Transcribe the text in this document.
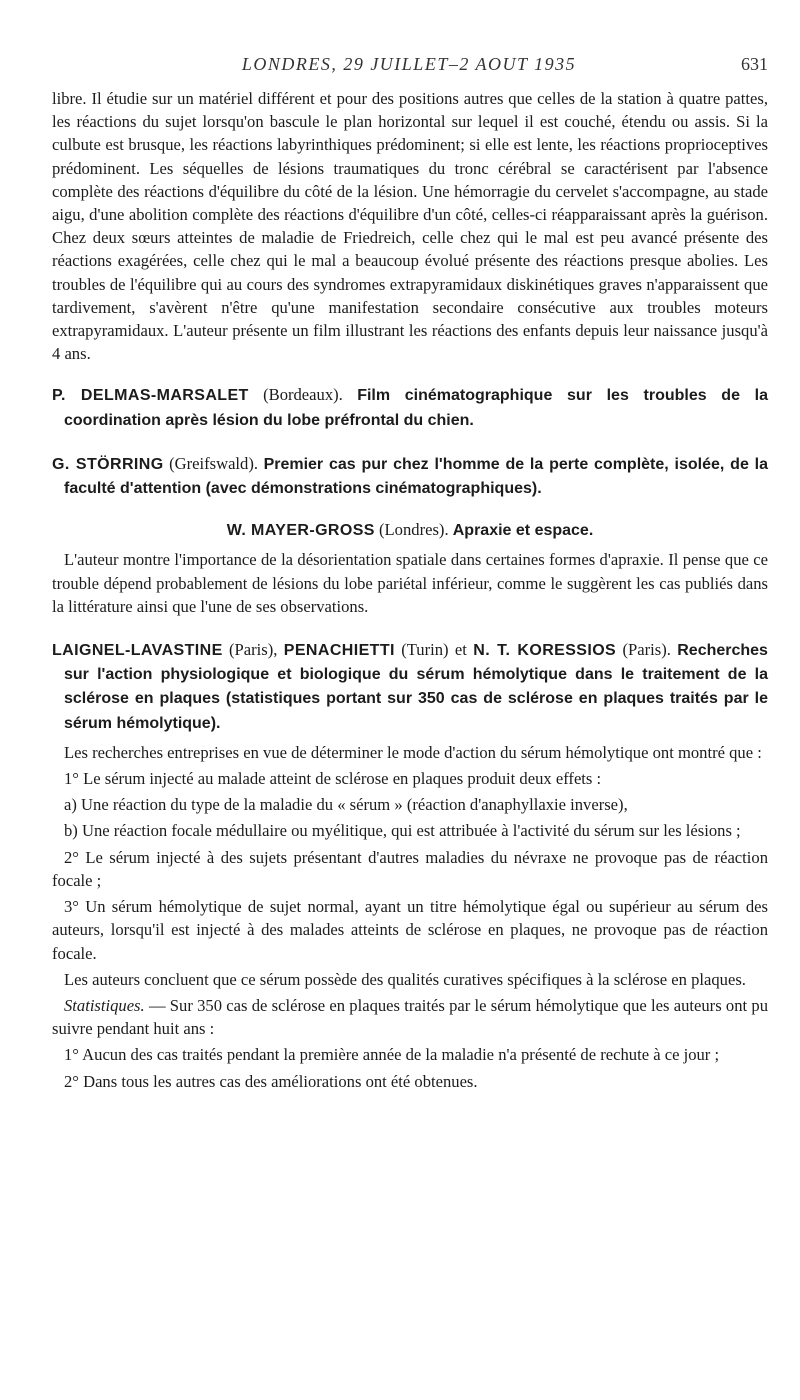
LONDRES, 29 JUILLET–2 AOUT 1935	631

libre. Il étudie sur un matériel différent et pour des positions autres que celles de la station à quatre pattes, les réactions du sujet lorsqu'on bascule le plan horizontal sur lequel il est couché, étendu ou assis. Si la culbute est brusque, les réactions labyrinthiques prédominent; si elle est lente, les réactions proprioceptives prédominent. Les séquelles de lésions traumatiques du tronc cérébral se caractérisent par l'absence complète des réactions d'équilibre du côté de la lésion. Une hémorragie du cervelet s'accompagne, au stade aigu, d'une abolition complète des réactions d'équilibre d'un côté, celles-ci réapparaissant après la guérison. Chez deux sœurs atteintes de maladie de Friedreich, celle chez qui le mal est peu avancé présente des réactions exagérées, celle chez qui le mal a beaucoup évolué présente des réactions presque abolies. Les troubles de l'équilibre qui au cours des syndromes extrapyramidaux diskinétiques graves n'apparaissent que tardivement, s'avèrent n'être qu'une manifestation secondaire consécutive aux troubles moteurs extrapyramidaux. L'auteur présente un film illustrant les réactions des enfants depuis leur naissance jusqu'à 4 ans.

P. DELMAS-MARSALET (Bordeaux). Film cinématographique sur les troubles de la coordination après lésion du lobe préfrontal du chien.

G. STÖRRING (Greifswald). Premier cas pur chez l'homme de la perte complète, isolée, de la faculté d'attention (avec démonstrations cinématographiques).

W. MAYER-GROSS (Londres). Apraxie et espace.

L'auteur montre l'importance de la désorientation spatiale dans certaines formes d'apraxie. Il pense que ce trouble dépend probablement de lésions du lobe pariétal inférieur, comme le suggèrent les cas publiés dans la littérature ainsi que l'une de ses observations.

LAIGNEL-LAVASTINE (Paris), PENACHIETTI (Turin) et N. T. KORESSIOS (Paris). Recherches sur l'action physiologique et biologique du sérum hémolytique dans le traitement de la sclérose en plaques (statistiques portant sur 350 cas de sclérose en plaques traités par le sérum hémolytique).

Les recherches entreprises en vue de déterminer le mode d'action du sérum hémolytique ont montré que :

1° Le sérum injecté au malade atteint de sclérose en plaques produit deux effets :

a) Une réaction du type de la maladie du « sérum » (réaction d'anaphyllaxie inverse),

b) Une réaction focale médullaire ou myélitique, qui est attribuée à l'activité du sérum sur les lésions ;

2° Le sérum injecté à des sujets présentant d'autres maladies du névraxe ne provoque pas de réaction focale ;

3° Un sérum hémolytique de sujet normal, ayant un titre hémolytique égal ou supérieur au sérum des auteurs, lorsqu'il est injecté à des malades atteints de sclérose en plaques, ne provoque pas de réaction focale.

Les auteurs concluent que ce sérum possède des qualités curatives spécifiques à la sclérose en plaques.

Statistiques. — Sur 350 cas de sclérose en plaques traités par le sérum hémolytique que les auteurs ont pu suivre pendant huit ans :

1° Aucun des cas traités pendant la première année de la maladie n'a présenté de rechute à ce jour ;

2° Dans tous les autres cas des améliorations ont été obtenues.
